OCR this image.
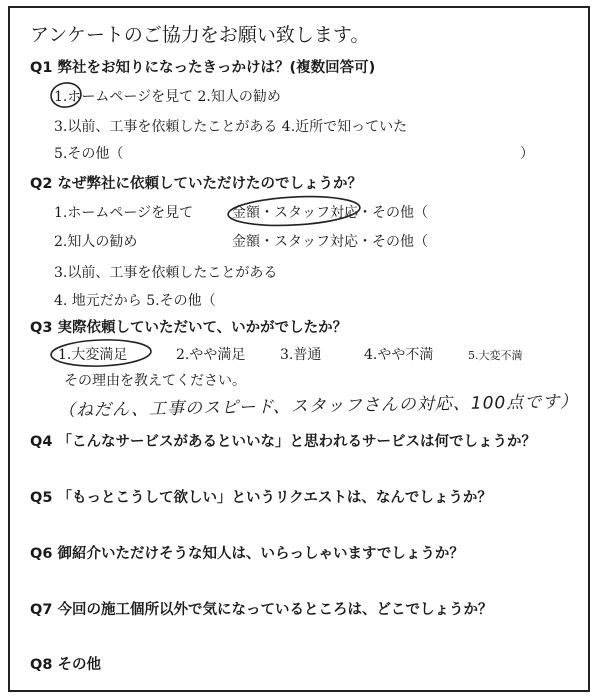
アンケートのご協力をお願い致します。
Q1 弊社をお知りになったきっかけは？(複数回答可)
1.ホームページを見て 2.知人の勧め
3.以前、工事を依頼したことがある 4.近所で知っていた
5.その他（	）
Q2 なぜ弊社に依頼していただけたのでしょうか？
1.ホームページを見て	金額・スタッフ対応・その他（
2.知人の勧め	金額・スタッフ対応・その他（
3.以前、工事を依頼したことがある
4. 地元だから 5.その他（
Q3 実際依頼していただいて、いかがでしたか？
1.大変満足	2.やや満足 3.普通	4.やや不満	5.大変不満
その理由を教えてください。
（ねだん、工事のスピード、スタッフさんの対応、100点です）
Q4 「こんなサービスがあるといいな」と思われるサービスは何でしょうか？
Q5 「もっとこうして欲しい」というリクエストは、なんでしょうか？
Q6 御紹介いただけそうな知人は、いらっしゃいますでしょうか？
Q7 今回の施工個所以外で気になっているところは、どこでしょうか？
Q8 その他
